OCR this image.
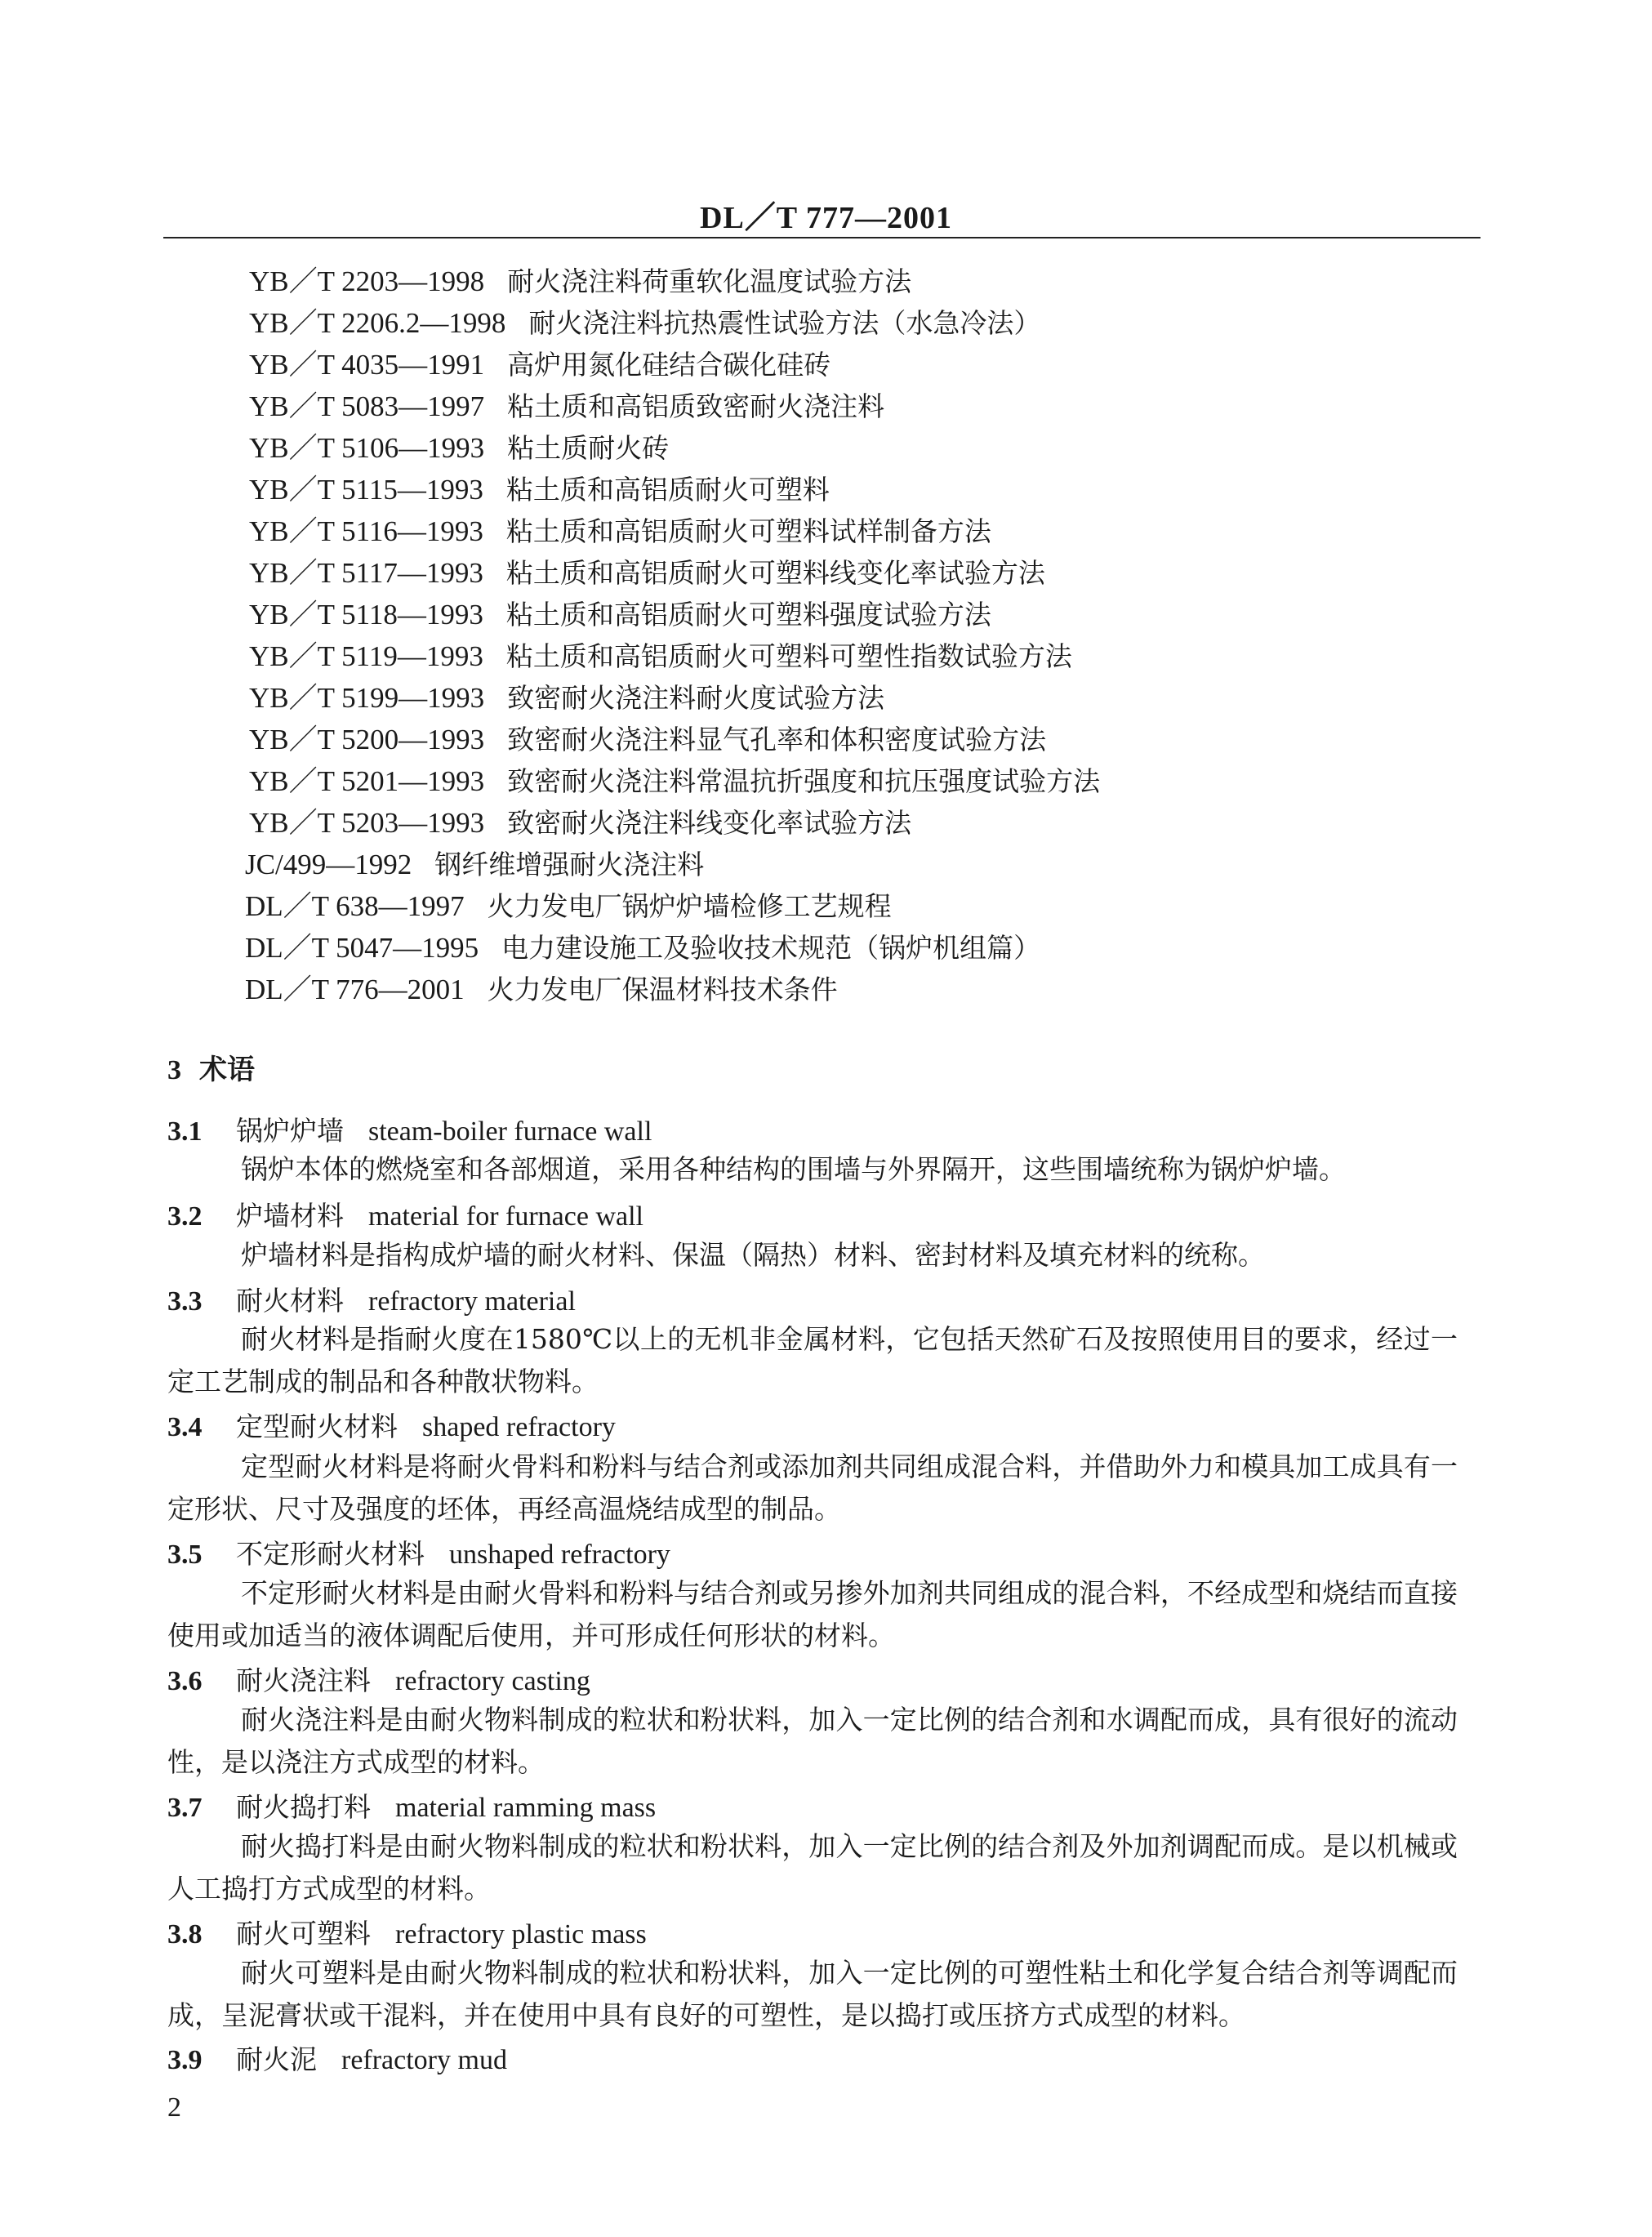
DL／T 777—2001
YB／T 2203—1998 耐火浇注料荷重软化温度试验方法
YB／T 2206.2—1998 耐火浇注料抗热震性试验方法（水急冷法）
YB／T 4035—1991 高炉用氮化硅结合碳化硅砖
YB／T 5083—1997 粘土质和高铝质致密耐火浇注料
YB／T 5106—1993 粘土质耐火砖
YB／T 5115—1993 粘土质和高铝质耐火可塑料
YB／T 5116—1993 粘土质和高铝质耐火可塑料试样制备方法
YB／T 5117—1993 粘土质和高铝质耐火可塑料线变化率试验方法
YB／T 5118—1993 粘土质和高铝质耐火可塑料强度试验方法
YB／T 5119—1993 粘土质和高铝质耐火可塑料可塑性指数试验方法
YB／T 5199—1993 致密耐火浇注料耐火度试验方法
YB／T 5200—1993 致密耐火浇注料显气孔率和体积密度试验方法
YB／T 5201—1993 致密耐火浇注料常温抗折强度和抗压强度试验方法
YB／T 5203—1993 致密耐火浇注料线变化率试验方法
JC/499—1992 钢纤维增强耐火浇注料
DL／T 638—1997 火力发电厂锅炉炉墙检修工艺规程
DL／T 5047—1995 电力建设施工及验收技术规范（锅炉机组篇）
DL／T 776—2001 火力发电厂保温材料技术条件
3 术语
3.1 锅炉炉墙 steam-boiler furnace wall
锅炉本体的燃烧室和各部烟道，采用各种结构的围墙与外界隔开，这些围墙统称为锅炉炉墙。
3.2 炉墙材料 material for furnace wall
炉墙材料是指构成炉墙的耐火材料、保温（隔热）材料、密封材料及填充材料的统称。
3.3 耐火材料 refractory material
耐火材料是指耐火度在1580℃以上的无机非金属材料，它包括天然矿石及按照使用目的要求，经过一定工艺制成的制品和各种散状物料。
3.4 定型耐火材料 shaped refractory
定型耐火材料是将耐火骨料和粉料与结合剂或添加剂共同组成混合料，并借助外力和模具加工成具有一定形状、尺寸及强度的坯体，再经高温烧结成型的制品。
3.5 不定形耐火材料 unshaped refractory
不定形耐火材料是由耐火骨料和粉料与结合剂或另掺外加剂共同组成的混合料，不经成型和烧结而直接使用或加适当的液体调配后使用，并可形成任何形状的材料。
3.6 耐火浇注料 refractory casting
耐火浇注料是由耐火物料制成的粒状和粉状料，加入一定比例的结合剂和水调配而成，具有很好的流动性，是以浇注方式成型的材料。
3.7 耐火捣打料 material ramming mass
耐火捣打料是由耐火物料制成的粒状和粉状料，加入一定比例的结合剂及外加剂调配而成。是以机械或人工捣打方式成型的材料。
3.8 耐火可塑料 refractory plastic mass
耐火可塑料是由耐火物料制成的粒状和粉状料，加入一定比例的可塑性粘土和化学复合结合剂等调配而成，呈泥膏状或干混料，并在使用中具有良好的可塑性，是以捣打或压挤方式成型的材料。
3.9 耐火泥 refractory mud
2
